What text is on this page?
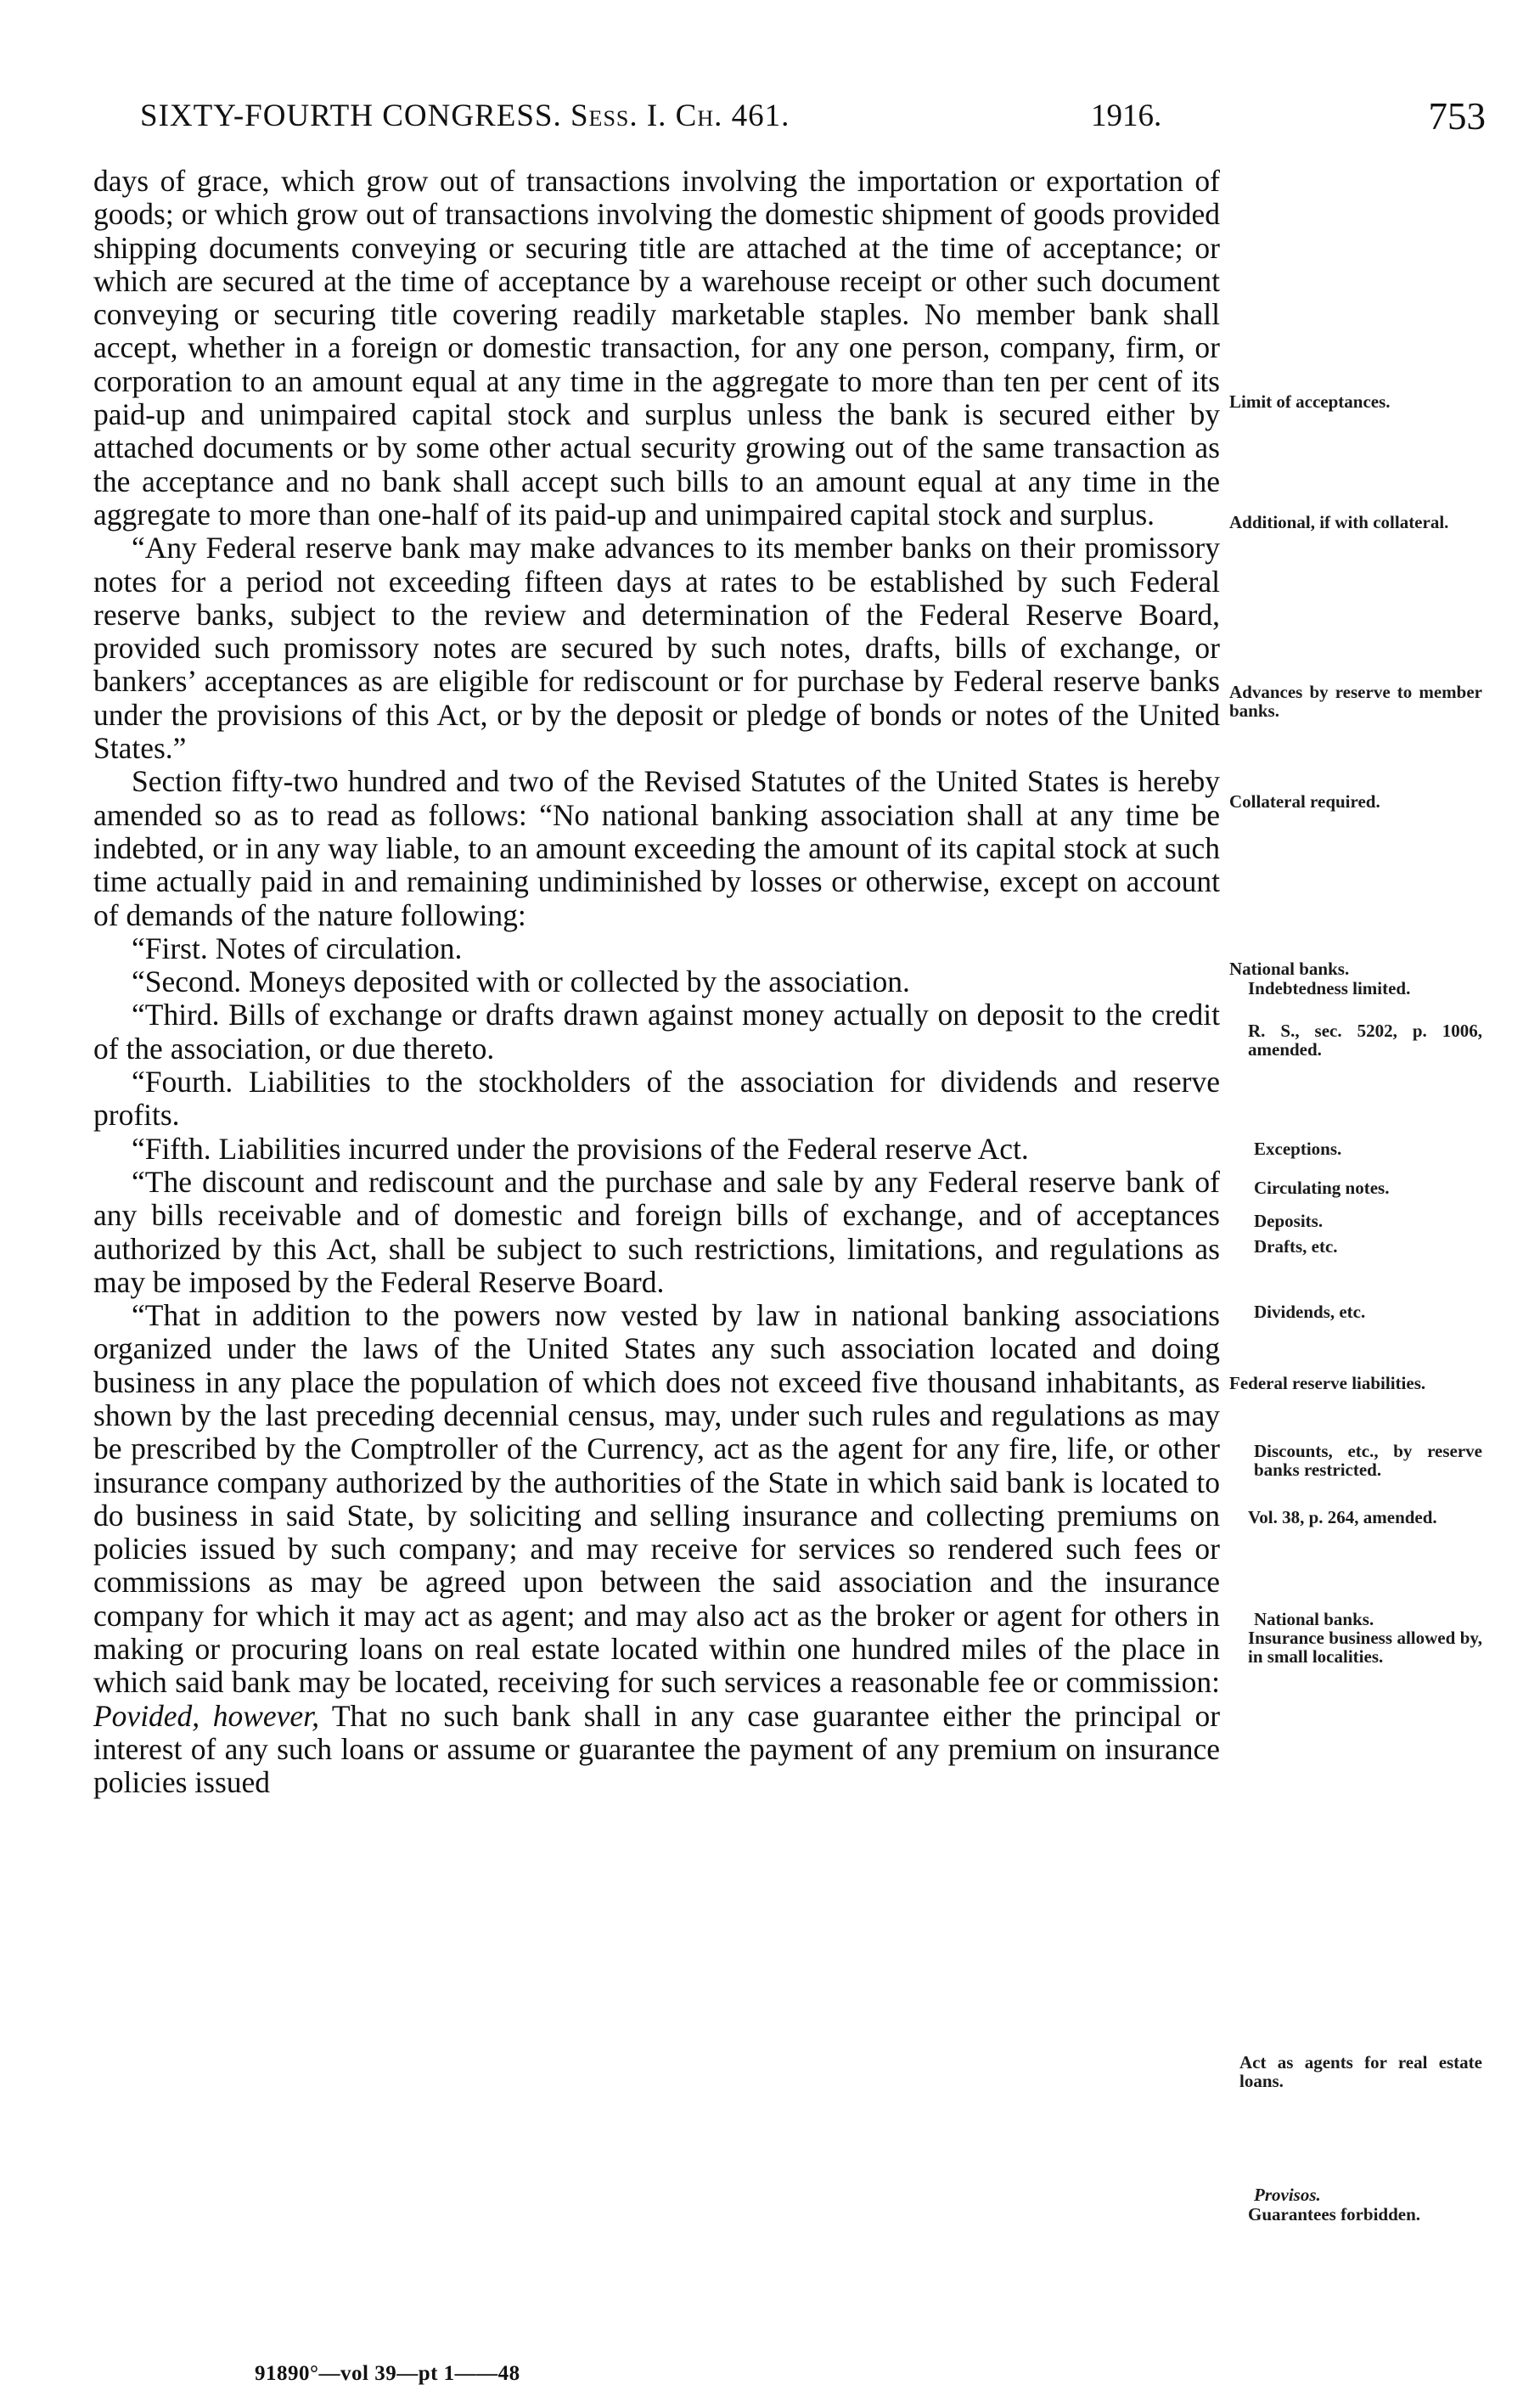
SIXTY-FOURTH CONGRESS. Sess. I. Ch. 461.	1916.	753

days of grace, which grow out of transactions involving the importation or exportation of goods; or which grow out of transactions involving the domestic shipment of goods provided shipping documents conveying or securing title are attached at the time of acceptance; or which are secured at the time of acceptance by a warehouse receipt or other such document conveying or securing title covering readily marketable staples. No member bank shall accept, whether in a foreign or domestic transaction, for any one person, company, firm, or corporation to an amount equal at any time in the aggregate to more than ten per cent of its paid-up and unimpaired capital stock and surplus unless the bank is secured either by attached documents or by some other actual security growing out of the same transaction as the acceptance and no bank shall accept such bills to an amount equal at any time in the aggregate to more than one-half of its paid-up and unimpaired capital stock and surplus.

“Any Federal reserve bank may make advances to its member banks on their promissory notes for a period not exceeding fifteen days at rates to be established by such Federal reserve banks, subject to the review and determination of the Federal Reserve Board, provided such promissory notes are secured by such notes, drafts, bills of exchange, or bankers’ acceptances as are eligible for rediscount or for purchase by Federal reserve banks under the provisions of this Act, or by the deposit or pledge of bonds or notes of the United States.”

Section fifty-two hundred and two of the Revised Statutes of the United States is hereby amended so as to read as follows: “No national banking association shall at any time be indebted, or in any way liable, to an amount exceeding the amount of its capital stock at such time actually paid in and remaining undiminished by losses or otherwise, except on account of demands of the nature following:

“First. Notes of circulation.

“Second. Moneys deposited with or collected by the association.

“Third. Bills of exchange or drafts drawn against money actually on deposit to the credit of the association, or due thereto.

“Fourth. Liabilities to the stockholders of the association for dividends and reserve profits.

“Fifth. Liabilities incurred under the provisions of the Federal reserve Act.

“The discount and rediscount and the purchase and sale by any Federal reserve bank of any bills receivable and of domestic and foreign bills of exchange, and of acceptances authorized by this Act, shall be subject to such restrictions, limitations, and regulations as may be imposed by the Federal Reserve Board.

“That in addition to the powers now vested by law in national banking associations organized under the laws of the United States any such association located and doing business in any place the population of which does not exceed five thousand inhabitants, as shown by the last preceding decennial census, may, under such rules and regulations as may be prescribed by the Comptroller of the Currency, act as the agent for any fire, life, or other insurance company authorized by the authorities of the State in which said bank is located to do business in said State, by soliciting and selling insurance and collecting premiums on policies issued by such company; and may receive for services so rendered such fees or commissions as may be agreed upon between the said association and the insurance company for which it may act as agent; and may also act as the broker or agent for others in making or procuring loans on real estate located within one hundred miles of the place in which said bank may be located, receiving for such services a reasonable fee or commission: Povided, however, That no such bank shall in any case guarantee either the principal or interest of any such loans or assume or guarantee the payment of any premium on insurance policies issued

Limit of acceptances.
Additional, if with collateral.
Advances by reserve to member banks.
Collateral required.
National banks.
Indebtedness limited.
R. S., sec. 5202, p. 1006, amended.
Exceptions.
Circulating notes.
Deposits.
Drafts, etc.
Dividends, etc.
Federal reserve liabilities.
Discounts, etc., by reserve banks restricted.
Vol. 38, p. 264, amended.
National banks.
Insurance business allowed by, in small localities.
Act as agents for real estate loans.
Provisos.
Guarantees forbidden.
91890°—vol 39—pt 1——48
